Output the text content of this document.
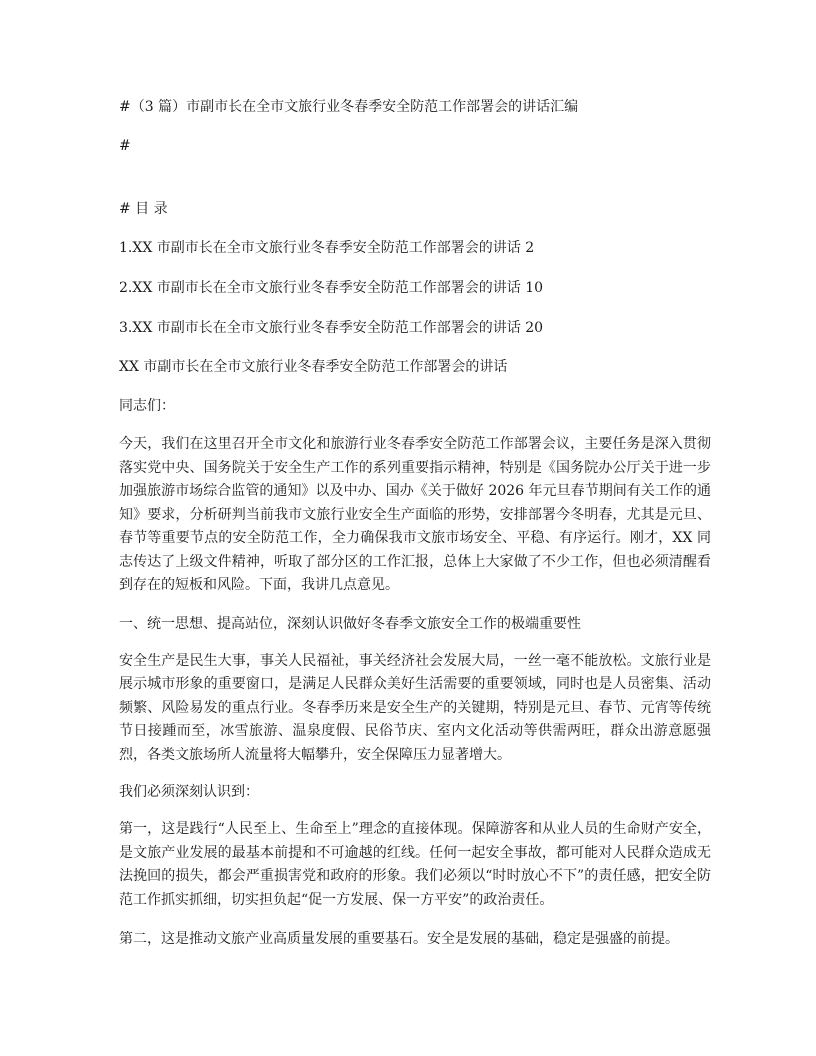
#（3 篇）市副市长在全市文旅行业冬春季安全防范工作部署会的讲话汇编

#

# 目 录

1.XX 市副市长在全市文旅行业冬春季安全防范工作部署会的讲话 2

2.XX 市副市长在全市文旅行业冬春季安全防范工作部署会的讲话 10

3.XX 市副市长在全市文旅行业冬春季安全防范工作部署会的讲话 20

XX 市副市长在全市文旅行业冬春季安全防范工作部署会的讲话

同志们：

今天，我们在这里召开全市文化和旅游行业冬春季安全防范工作部署会议，主要任务是深入贯彻落实党中央、国务院关于安全生产工作的系列重要指示精神，特别是《国务院办公厅关于进一步加强旅游市场综合监管的通知》以及中办、国办《关于做好 2026 年元旦春节期间有关工作的通知》要求，分析研判当前我市文旅行业安全生产面临的形势，安排部署今冬明春，尤其是元旦、春节等重要节点的安全防范工作，全力确保我市文旅市场安全、平稳、有序运行。刚才，XX 同志传达了上级文件精神，听取了部分区的工作汇报，总体上大家做了不少工作，但也必须清醒看到存在的短板和风险。下面，我讲几点意见。

一、统一思想、提高站位，深刻认识做好冬春季文旅安全工作的极端重要性

安全生产是民生大事，事关人民福祉，事关经济社会发展大局，一丝一毫不能放松。文旅行业是展示城市形象的重要窗口，是满足人民群众美好生活需要的重要领域，同时也是人员密集、活动频繁、风险易发的重点行业。冬春季历来是安全生产的关键期，特别是元旦、春节、元宵等传统节日接踵而至，冰雪旅游、温泉度假、民俗节庆、室内文化活动等供需两旺，群众出游意愿强烈，各类文旅场所人流量将大幅攀升，安全保障压力显著增大。

我们必须深刻认识到：

第一，这是践行“人民至上、生命至上”理念的直接体现。保障游客和从业人员的生命财产安全，是文旅产业发展的最基本前提和不可逾越的红线。任何一起安全事故，都可能对人民群众造成无法挽回的损失，都会严重损害党和政府的形象。我们必须以“时时放心不下”的责任感，把安全防范工作抓实抓细，切实担负起“促一方发展、保一方平安”的政治责任。

第二，这是推动文旅产业高质量发展的重要基石。安全是发展的基础，稳定是强盛的前提。
